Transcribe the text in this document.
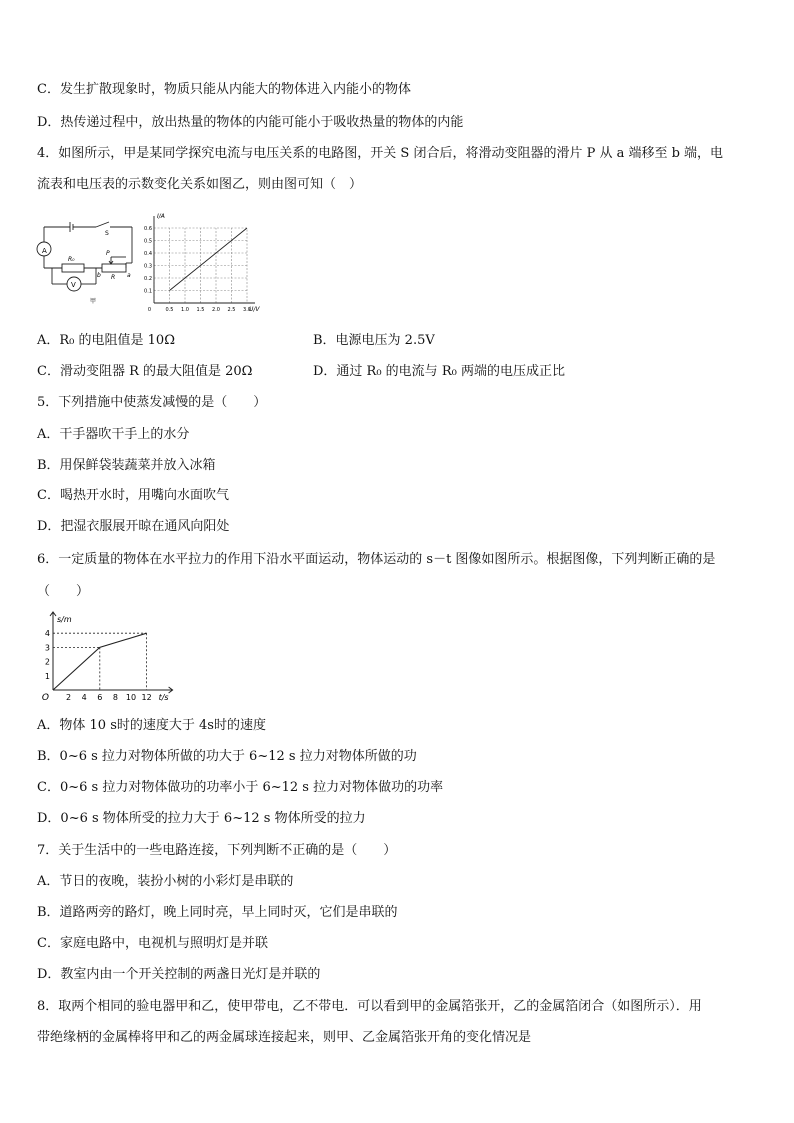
C．发生扩散现象时，物质只能从内能大的物体进入内能小的物体
D．热传递过程中，放出热量的物体的内能可能小于吸收热量的物体的内能
4．如图所示，甲是某同学探究电流与电压关系的电路图，开关 S 闭合后，将滑动变阻器的滑片 P 从 a 端移至 b 端，电
流表和电压表的示数变化关系如图乙，则由图可知（　）
A
S
R₀
P
R
b	a
V
甲
0.1
0.2
0.3
0.4
0.5
0.6
0.5 1.0 1.5 2.0 2.5 3.0
0
I/A
U/V
A．R₀ 的电阻值是 10Ω	B．电源电压为 2.5V
C．滑动变阻器 R 的最大阻值是 20Ω	D．通过 R₀ 的电流与 R₀ 两端的电压成正比
5．下列措施中使蒸发减慢的是（　　）
A．干手器吹干手上的水分
B．用保鲜袋装蔬菜并放入冰箱
C．喝热开水时，用嘴向水面吹气
D．把湿衣服展开晾在通风向阳处
6．一定质量的物体在水平拉力的作用下沿水平面运动，物体运动的 s－t 图像如图所示。根据图像，下列判断正确的是
（　　）
1
2
3
4
2 4 6 8 10 12
O
s/m
t/s
A．物体 10 s时的速度大于 4s时的速度
B．0~6 s 拉力对物体所做的功大于 6~12 s 拉力对物体所做的功
C．0~6 s 拉力对物体做功的功率小于 6~12 s 拉力对物体做功的功率
D．0~6 s 物体所受的拉力大于 6~12 s 物体所受的拉力
7．关于生活中的一些电路连接，下列判断不正确的是（　　）
A．节日的夜晚，装扮小树的小彩灯是串联的
B．道路两旁的路灯，晚上同时亮，早上同时灭，它们是串联的
C．家庭电路中，电视机与照明灯是并联
D．教室内由一个开关控制的两盏日光灯是并联的
8．取两个相同的验电器甲和乙，使甲带电，乙不带电．可以看到甲的金属箔张开，乙的金属箔闭合（如图所示）．用
带绝缘柄的金属棒将甲和乙的两金属球连接起来，则甲、乙金属箔张开角的变化情况是
